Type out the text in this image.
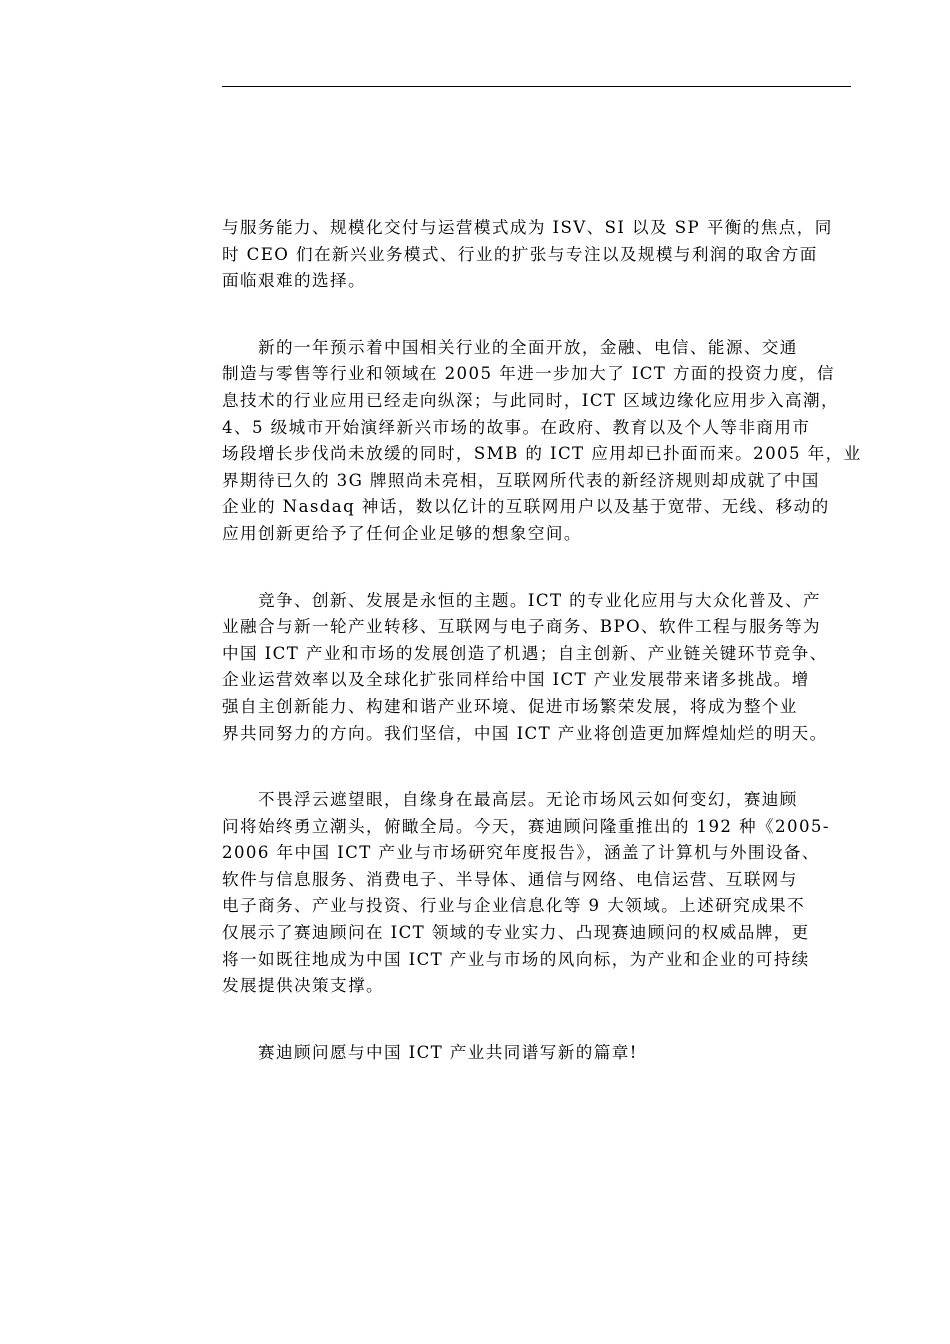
与服务能力、规模化交付与运营模式成为 ISV、SI 以及 SP 平衡的焦点，同
时 CEO 们在新兴业务模式、行业的扩张与专注以及规模与利润的取舍方面
面临艰难的选择。
　　新的一年预示着中国相关行业的全面开放，金融、电信、能源、交通
制造与零售等行业和领域在 2005 年进一步加大了 ICT 方面的投资力度，信
息技术的行业应用已经走向纵深；与此同时，ICT 区域边缘化应用步入高潮，
4、5 级城市开始演绎新兴市场的故事。在政府、教育以及个人等非商用市
场段增长步伐尚未放缓的同时，SMB 的 ICT 应用却已扑面而来。2005 年，业
界期待已久的 3G 牌照尚未亮相，互联网所代表的新经济规则却成就了中国
企业的 Nasdaq 神话，数以亿计的互联网用户以及基于宽带、无线、移动的
应用创新更给予了任何企业足够的想象空间。
　　竞争、创新、发展是永恒的主题。ICT 的专业化应用与大众化普及、产
业融合与新一轮产业转移、互联网与电子商务、BPO、软件工程与服务等为
中国 ICT 产业和市场的发展创造了机遇；自主创新、产业链关键环节竞争、
企业运营效率以及全球化扩张同样给中国 ICT 产业发展带来诸多挑战。增
强自主创新能力、构建和谐产业环境、促进市场繁荣发展，将成为整个业
界共同努力的方向。我们坚信，中国 ICT 产业将创造更加辉煌灿烂的明天。
　　不畏浮云遮望眼，自缘身在最高层。无论市场风云如何变幻，赛迪顾
问将始终勇立潮头，俯瞰全局。今天，赛迪顾问隆重推出的 192 种《2005-
2006 年中国 ICT 产业与市场研究年度报告》，涵盖了计算机与外围设备、
软件与信息服务、消费电子、半导体、通信与网络、电信运营、互联网与
电子商务、产业与投资、行业与企业信息化等 9 大领域。上述研究成果不
仅展示了赛迪顾问在 ICT 领域的专业实力、凸现赛迪顾问的权威品牌，更
将一如既往地成为中国 ICT 产业与市场的风向标，为产业和企业的可持续
发展提供决策支撑。
　　赛迪顾问愿与中国 ICT 产业共同谱写新的篇章!
